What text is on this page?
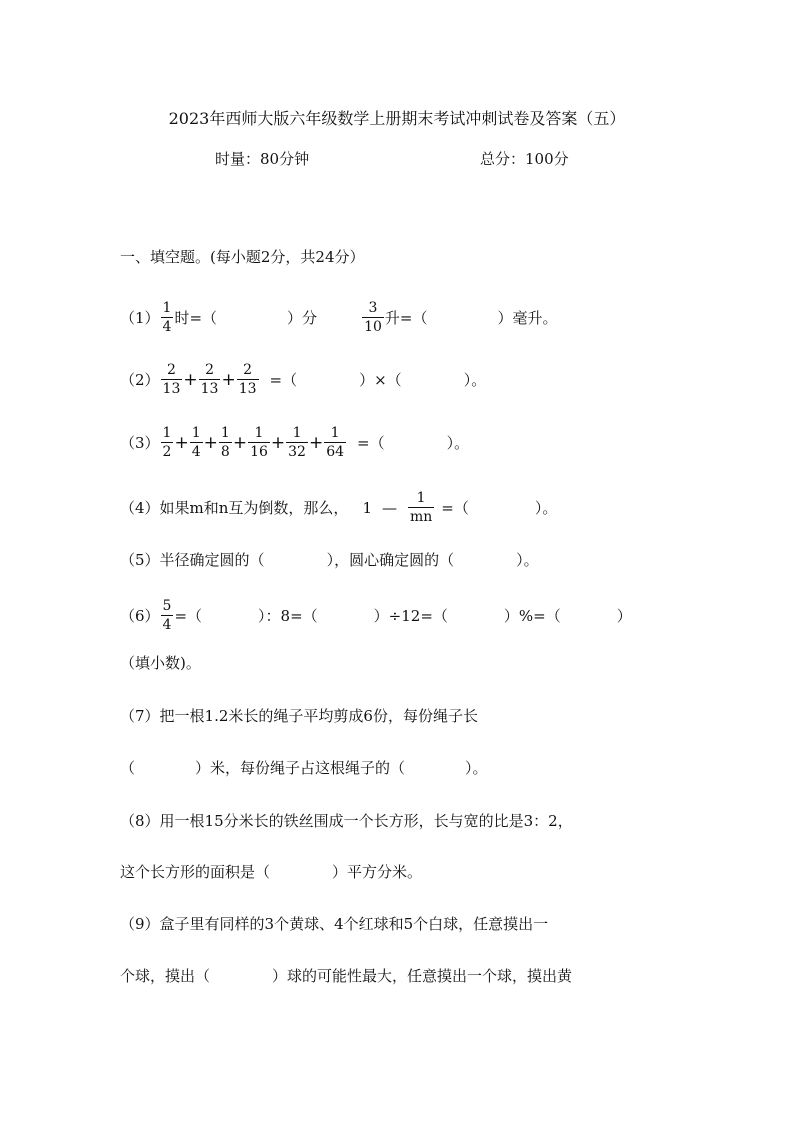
2023年西师大版六年级数学上册期末考试冲刺试卷及答案（五）
时量：80分钟	总分：100分
一、填空题。(每小题2分，共24分）
$(1) \frac{1}{4}$ 时=（	）分	$\frac{3}{10}$ 升=（	）毫升。
$(2) \frac{2}{13} + \frac{2}{13} + \frac{2}{13}$ =（	）×（	）。
$(3) \frac{1}{2} + \frac{1}{4} + \frac{1}{8} + \frac{1}{16} + \frac{1}{32} + \frac{1}{64}$ =（	）。
（4） 如果m和n互为倒数，那么， 1 — $\frac{1}{mn}$ =（	）。
（5） 半径确定圆的（	），圆心确定圆的（	）。
$(6) \frac{5}{4}$ =（	）：8=（	）÷12=（	）%=（	）
（填小数)。
（7）把一根1.2米长的绳子平均剪成6份，每份绳子长
（	）米，每份绳子占这根绳子的（	）。
（8）用一根15分米长的铁丝围成一个长方形，长与宽的比是3：2，
这个长方形的面积是（	）平方分米。
（9）盒子里有同样的3个黄球、4个红球和5个白球，任意摸出一
个球，摸出（	）球的可能性最大，任意摸出一个球，摸出黄
